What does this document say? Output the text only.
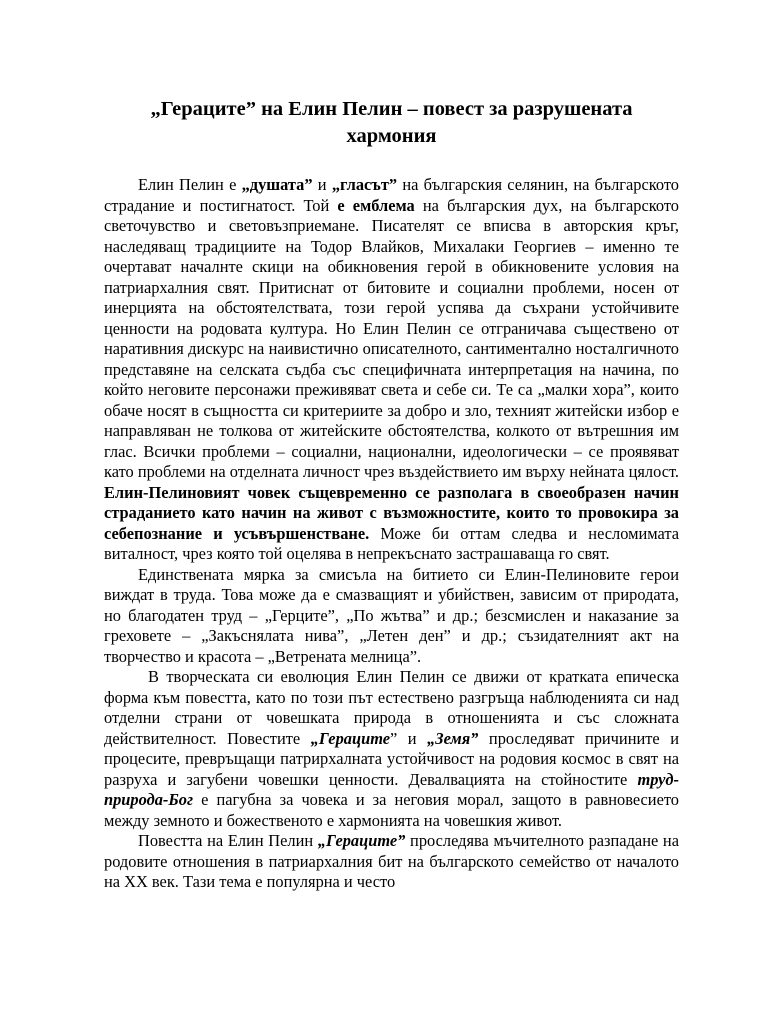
„Гераците” на Елин Пелин – повест за разрушената хармония

Елин Пелин е „душата” и „гласът” на българския селянин, на българското страдание и постигнатост. Той е емблема на българския дух, на българското светочувство и световъзприемане. Писателят се вписва в авторския кръг, наследяващ традициите на Тодор Влайков, Михалаки Георгиев – именно те очертават началнте скици на обикновения герой в обикновените условия на патриархалния свят. Притиснат от битовите и социални проблеми, носен от инерцията на обстоятелствата, този герой успява да съхрани устойчивите ценности на родовата култура. Но Елин Пелин се отграничава съществено от наративния дискурс на наивистично описателното, сантиментално носталгичното представяне на селската съдба със специфичната интерпретация на начина, по който неговите персонажи преживяват света и себе си. Те са „малки хора”, които обаче носят в същността си критериите за добро и зло, техният житейски избор е направляван не толкова от житейските обстоятелства, колкото от вътрешния им глас. Всички проблеми – социални, национални, идеологически – се проявяват като проблеми на отделната личност чрез въздействието им върху нейната цялост. Елин-Пелиновият човек същевременно се разполага в своеобразен начин страданието като начин на живот с възможностите, които то провокира за себепознание и усъвършенстване. Може би оттам следва и несломимата виталност, чрез която той оцелява в непрекъснато застрашаваща го свят.

Единствената мярка за смисъла на битието си Елин-Пелиновите герои виждат в труда. Това може да е смазващият и убийствен, зависим от природата, но благодатен труд – „Герците”, „По жътва” и др.; безсмислен и наказание за греховете – „Закъснялата нива”, „Летен ден” и др.; съзидателният акт на творчество и красота – „Ветрената мелница”.

В творческата си еволюция Елин Пелин се движи от кратката епическа форма към повестта, като по този път естествено разгръща наблюденията си над отделни страни от човешката природа в отношенията и със сложната действителност. Повестите „Гераците” и „Земя” проследяват причините и процесите, превръщащи патрирхалната устойчивост на родовия космос в свят на разруха и загубени човешки ценности. Девалвацията на стойностите труд-природа-Бог е пагубна за човека и за неговия морал, защото в равновесието между земното и божественото е хармонията на човешкия живот.

Повестта на Елин Пелин „Гераците” проследява мъчителното разпадане на родовите отношения в патриархалния бит на българското семейство от началото на XX век. Тази тема е популярна и често
